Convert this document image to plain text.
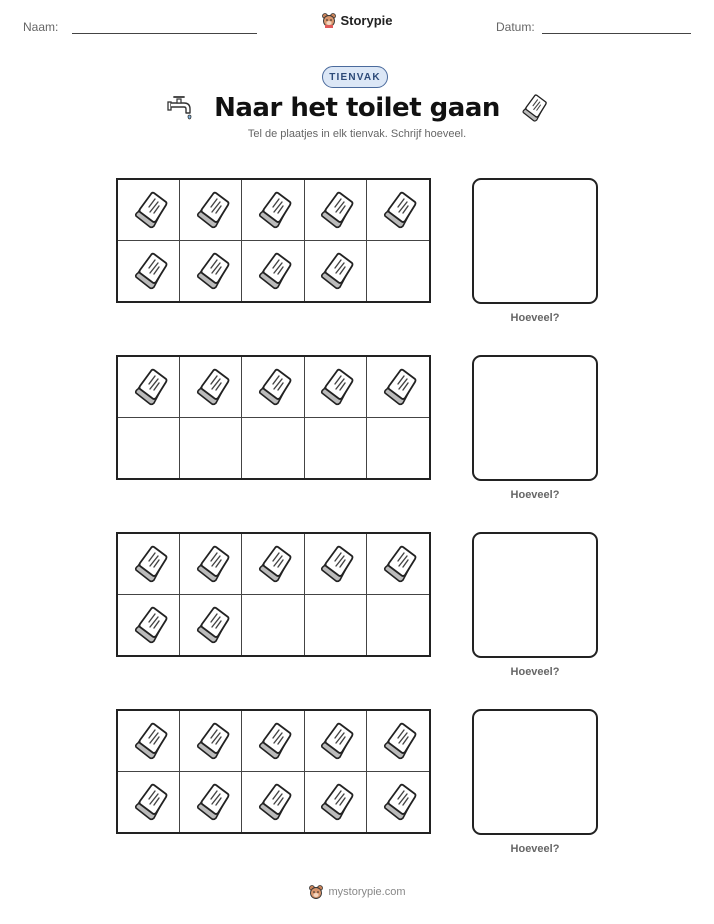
Naam:	Storypie	Datum:
TIENVAK
Naar het toilet gaan
Tel de plaatjes in elk tienvak. Schrijf hoeveel.
Hoeveel?
Hoeveel?
Hoeveel?
Hoeveel?
mystorypie.com
